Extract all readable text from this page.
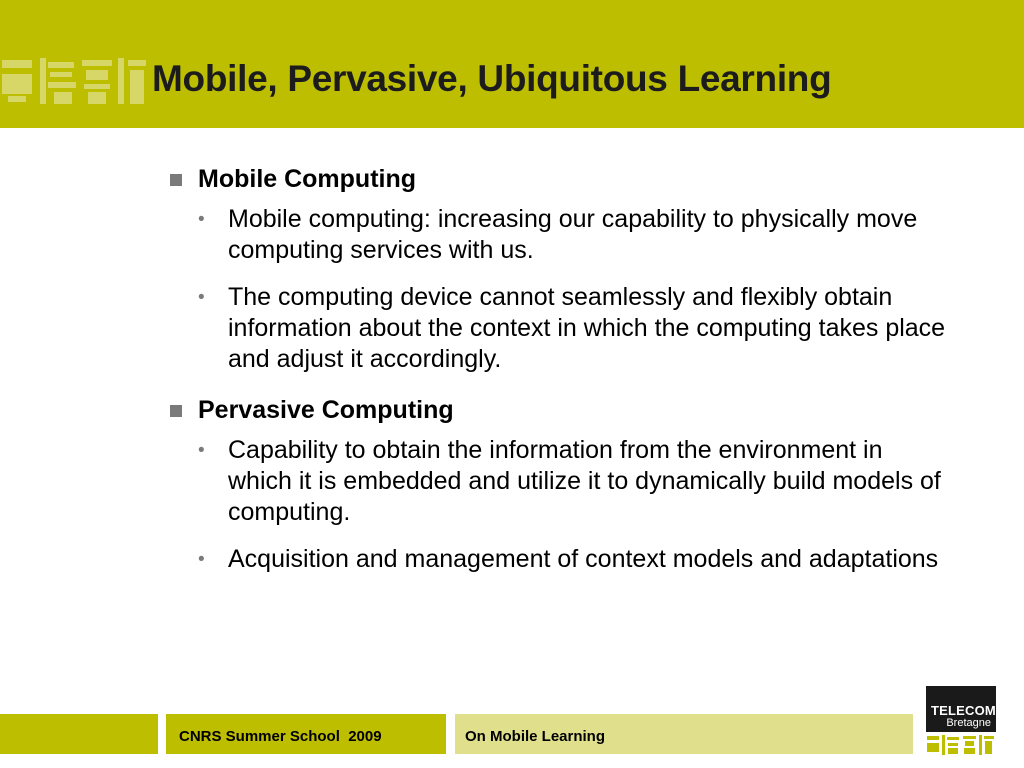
Mobile, Pervasive, Ubiquitous Learning
Mobile Computing
• Mobile computing: increasing our capability to physically move computing services with us.
• The computing device cannot seamlessly and flexibly obtain information about the context in which the computing takes place and adjust it accordingly.
Pervasive Computing
• Capability to obtain the information from the environment in which it is embedded and utilize it to dynamically build models of computing.
• Acquisition and management of context models and adaptations
CNRS Summer School  2009	On Mobile Learning
TELECOM
Bretagne
